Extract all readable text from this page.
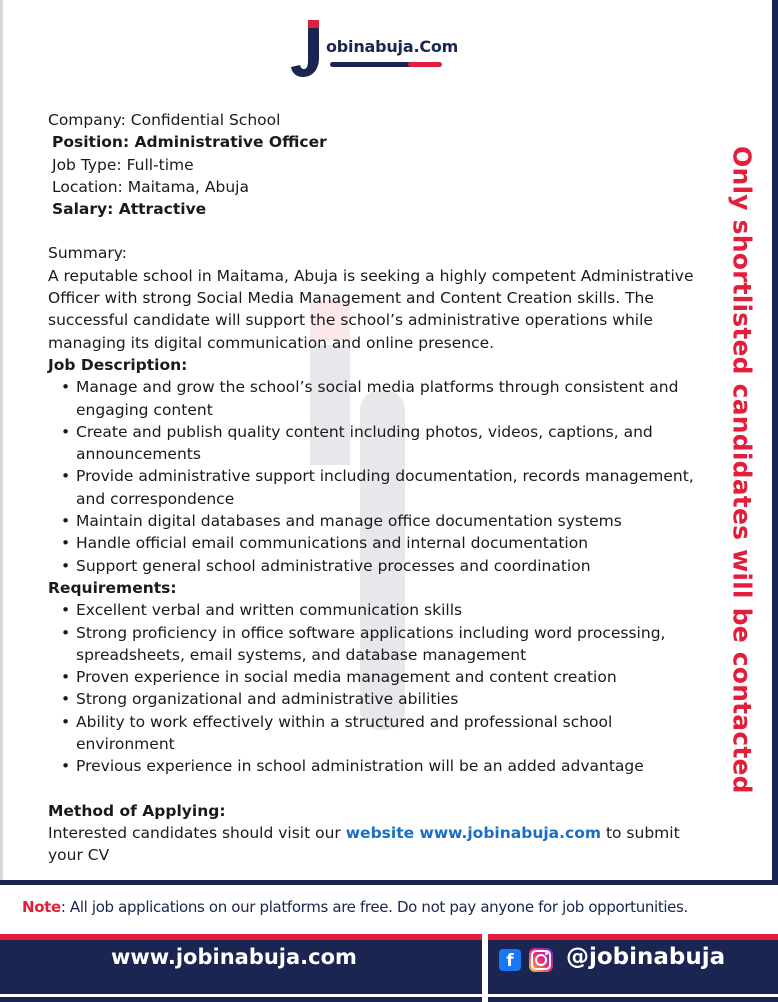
obinabuja.Com

Company: Confidential School

Position: Administrative Officer

Job Type: Full-time

Location: Maitama, Abuja

Salary: Attractive

Summary:

A reputable school in Maitama, Abuja is seeking a highly competent Administrative Officer with strong Social Media Management and Content Creation skills. The successful candidate will support the school’s administrative operations while managing its digital communication and online presence.

Job Description:

• Manage and grow the school’s social media platforms through consistent and engaging content
• Create and publish quality content including photos, videos, captions, and announcements
• Provide administrative support including documentation, records management, and correspondence
• Maintain digital databases and manage office documentation systems
• Handle official email communications and internal documentation
• Support general school administrative processes and coordination

Requirements:

• Excellent verbal and written communication skills
• Strong proficiency in office software applications including word processing, spreadsheets, email systems, and database management
• Proven experience in social media management and content creation
• Strong organizational and administrative abilities
• Ability to work effectively within a structured and professional school environment
• Previous experience in school administration will be an added advantage

Method of Applying:

Interested candidates should visit our website www.jobinabuja.com to submit your CV

Only shortlisted candidates will be contacted
Note: All job applications on our platforms are free. Do not pay anyone for job opportunities.
www.jobinabuja.com	f	@jobinabuja
